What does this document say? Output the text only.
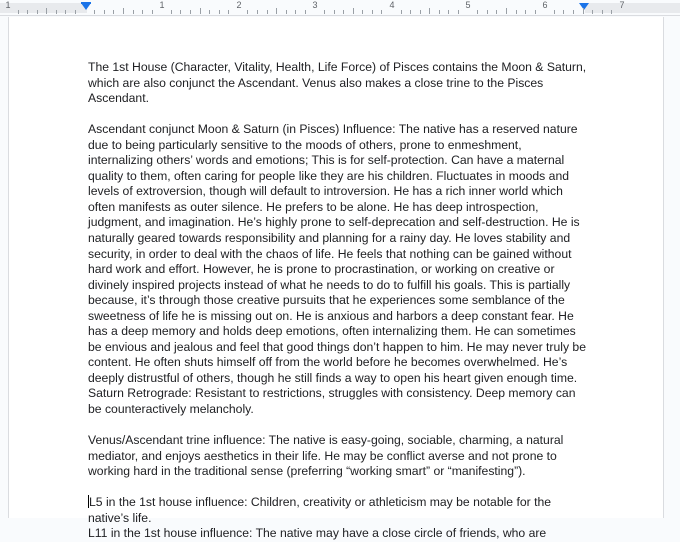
1	1	2	3	4	5	6	7

The 1st House (Character, Vitality, Health, Life Force) of Pisces contains the Moon & Saturn, which are also conjunct the Ascendant. Venus also makes a close trine to the Pisces Ascendant.

Ascendant conjunct Moon & Saturn (in Pisces) Influence: The native has a reserved nature due to being particularly sensitive to the moods of others, prone to enmeshment, internalizing others’ words and emotions; This is for self-protection. Can have a maternal quality to them, often caring for people like they are his children. Fluctuates in moods and levels of extroversion, though will default to introversion. He has a rich inner world which often manifests as outer silence. He prefers to be alone. He has deep introspection, judgment, and imagination. He’s highly prone to self-deprecation and self-destruction. He is naturally geared towards responsibility and planning for a rainy day. He loves stability and security, in order to deal with the chaos of life. He feels that nothing can be gained without hard work and effort. However, he is prone to procrastination, or working on creative or divinely inspired projects instead of what he needs to do to fulfill his goals. This is partially because, it’s through those creative pursuits that he experiences some semblance of the sweetness of life he is missing out on. He is anxious and harbors a deep constant fear. He has a deep memory and holds deep emotions, often internalizing them. He can sometimes be envious and jealous and feel that good things don’t happen to him. He may never truly be content. He often shuts himself off from the world before he becomes overwhelmed. He’s deeply distrustful of others, though he still finds a way to open his heart given enough time. Saturn Retrograde: Resistant to restrictions, struggles with consistency. Deep memory can be counteractively melancholy.

Venus/Ascendant trine influence: The native is easy-going, sociable, charming, a natural mediator, and enjoys aesthetics in their life. He may be conflict averse and not prone to working hard in the traditional sense (preferring “working smart” or “manifesting”).

L5 in the 1st house influence: Children, creativity or athleticism may be notable for the native’s life.

L11 in the 1st house influence: The native may have a close circle of friends, who are
